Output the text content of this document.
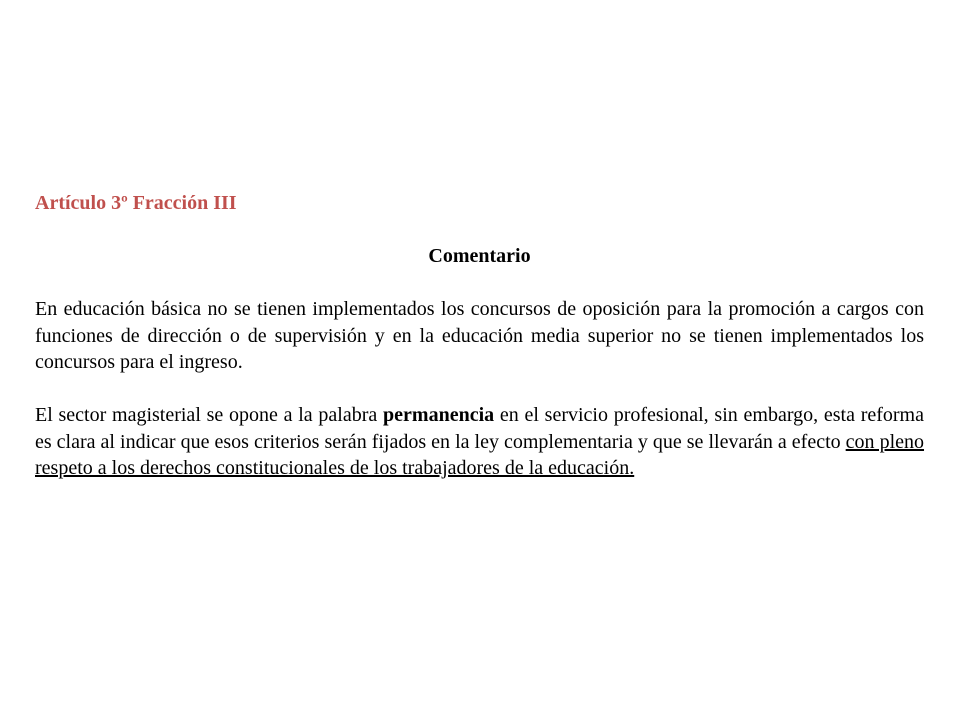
Artículo 3º Fracción III

Comentario

En educación básica no se tienen implementados los concursos de oposición para la promoción a cargos con funciones de dirección o de supervisión y en la educación media superior no se tienen implementados los concursos para el ingreso.

El sector magisterial se opone a la palabra permanencia en el servicio profesional, sin embargo, esta reforma es clara al indicar que esos criterios serán fijados en la ley complementaria y que se llevarán a efecto con pleno respeto a los derechos constitucionales de los trabajadores de la educación.
